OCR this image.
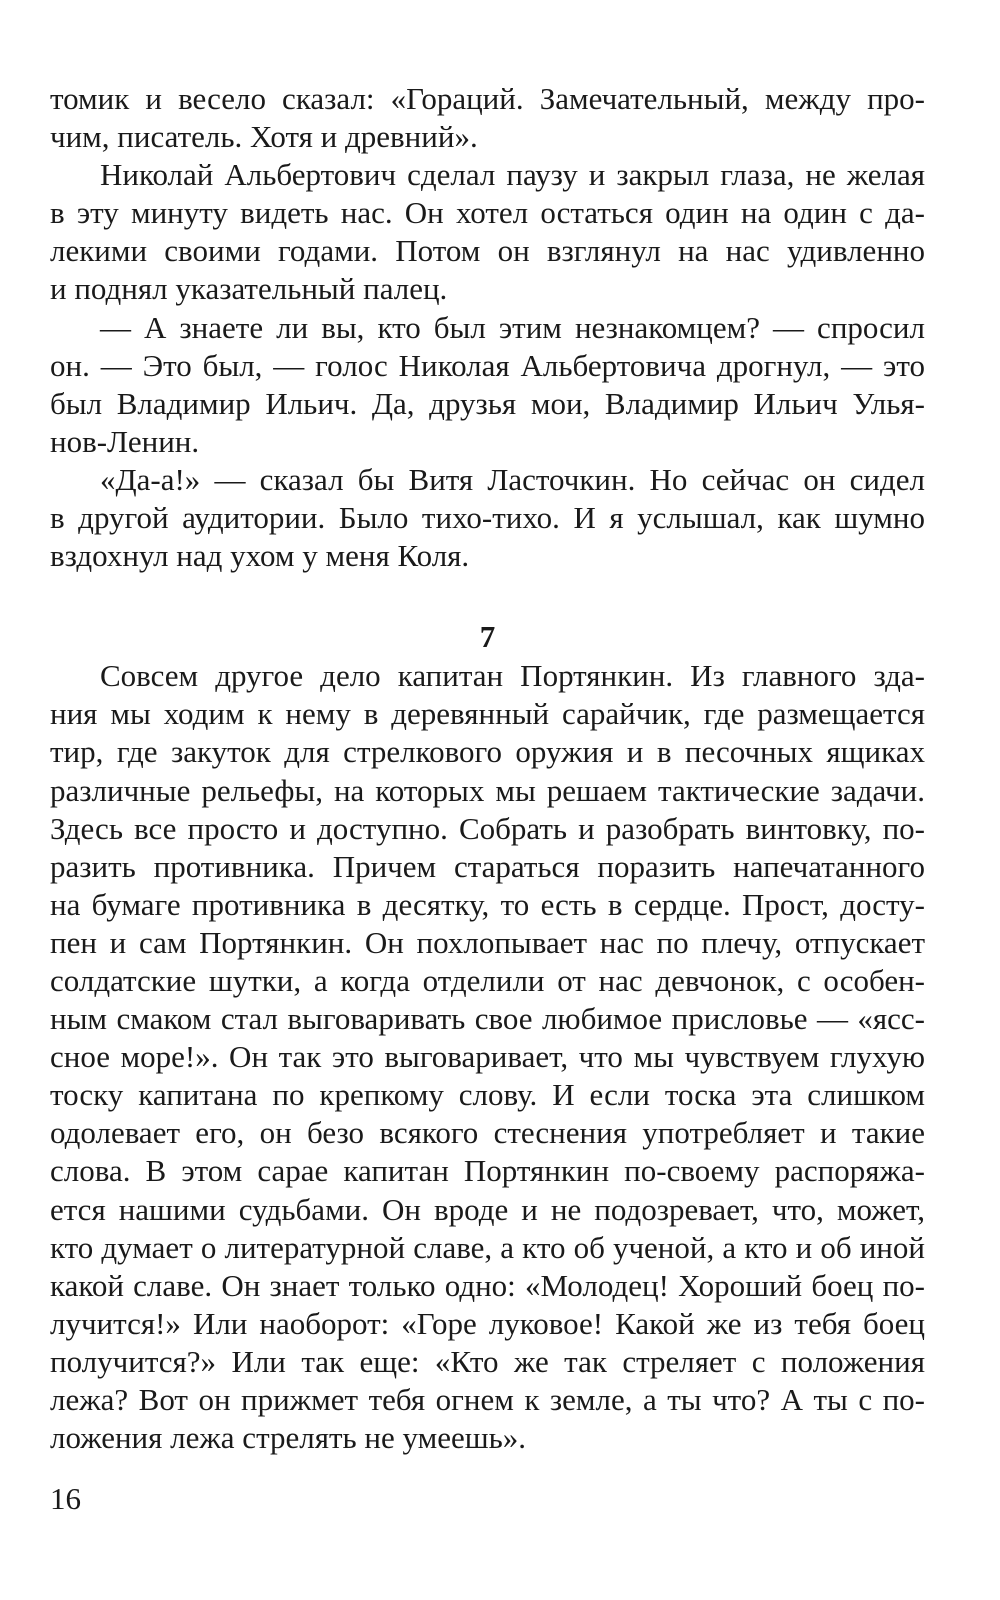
томик и весело сказал: «Гораций. Замечательный, между про-
чим, писатель. Хотя и древний».
Николай Альбертович сделал паузу и закрыл глаза, не желая
в эту минуту видеть нас. Он хотел остаться один на один с да-
лекими своими годами. Потом он взглянул на нас удивленно
и поднял указательный палец.
— А знаете ли вы, кто был этим незнакомцем? — спросил
он. — Это был, — голос Николая Альбертовича дрогнул, — это
был Владимир Ильич. Да, друзья мои, Владимир Ильич Улья-
нов-Ленин.
«Да-а!» — сказал бы Витя Ласточкин. Но сейчас он сидел
в другой аудитории. Было тихо-тихо. И я услышал, как шумно
вздохнул над ухом у меня Коля.
7
Совсем другое дело капитан Портянкин. Из главного зда-
ния мы ходим к нему в деревянный сарайчик, где размещается
тир, где закуток для стрелкового оружия и в песочных ящиках
различные рельефы, на которых мы решаем тактические задачи.
Здесь все просто и доступно. Собрать и разобрать винтовку, по-
разить противника. Причем стараться поразить напечатанного
на бумаге противника в десятку, то есть в сердце. Прост, досту-
пен и сам Портянкин. Он похлопывает нас по плечу, отпускает
солдатские шутки, а когда отделили от нас девчонок, с особен-
ным смаком стал выговаривать свое любимое присловье — «ясс-
сное море!». Он так это выговаривает, что мы чувствуем глухую
тоску капитана по крепкому слову. И если тоска эта слишком
одолевает его, он безо всякого стеснения употребляет и такие
слова. В этом сарае капитан Портянкин по-своему распоряжа-
ется нашими судьбами. Он вроде и не подозревает, что, может,
кто думает о литературной славе, а кто об ученой, а кто и об иной
какой славе. Он знает только одно: «Молодец! Хороший боец по-
лучится!» Или наоборот: «Горе луковое! Какой же из тебя боец
получится?» Или так еще: «Кто же так стреляет с положения
лежа? Вот он прижмет тебя огнем к земле, а ты что? А ты с по-
ложения лежа стрелять не умеешь».
16
